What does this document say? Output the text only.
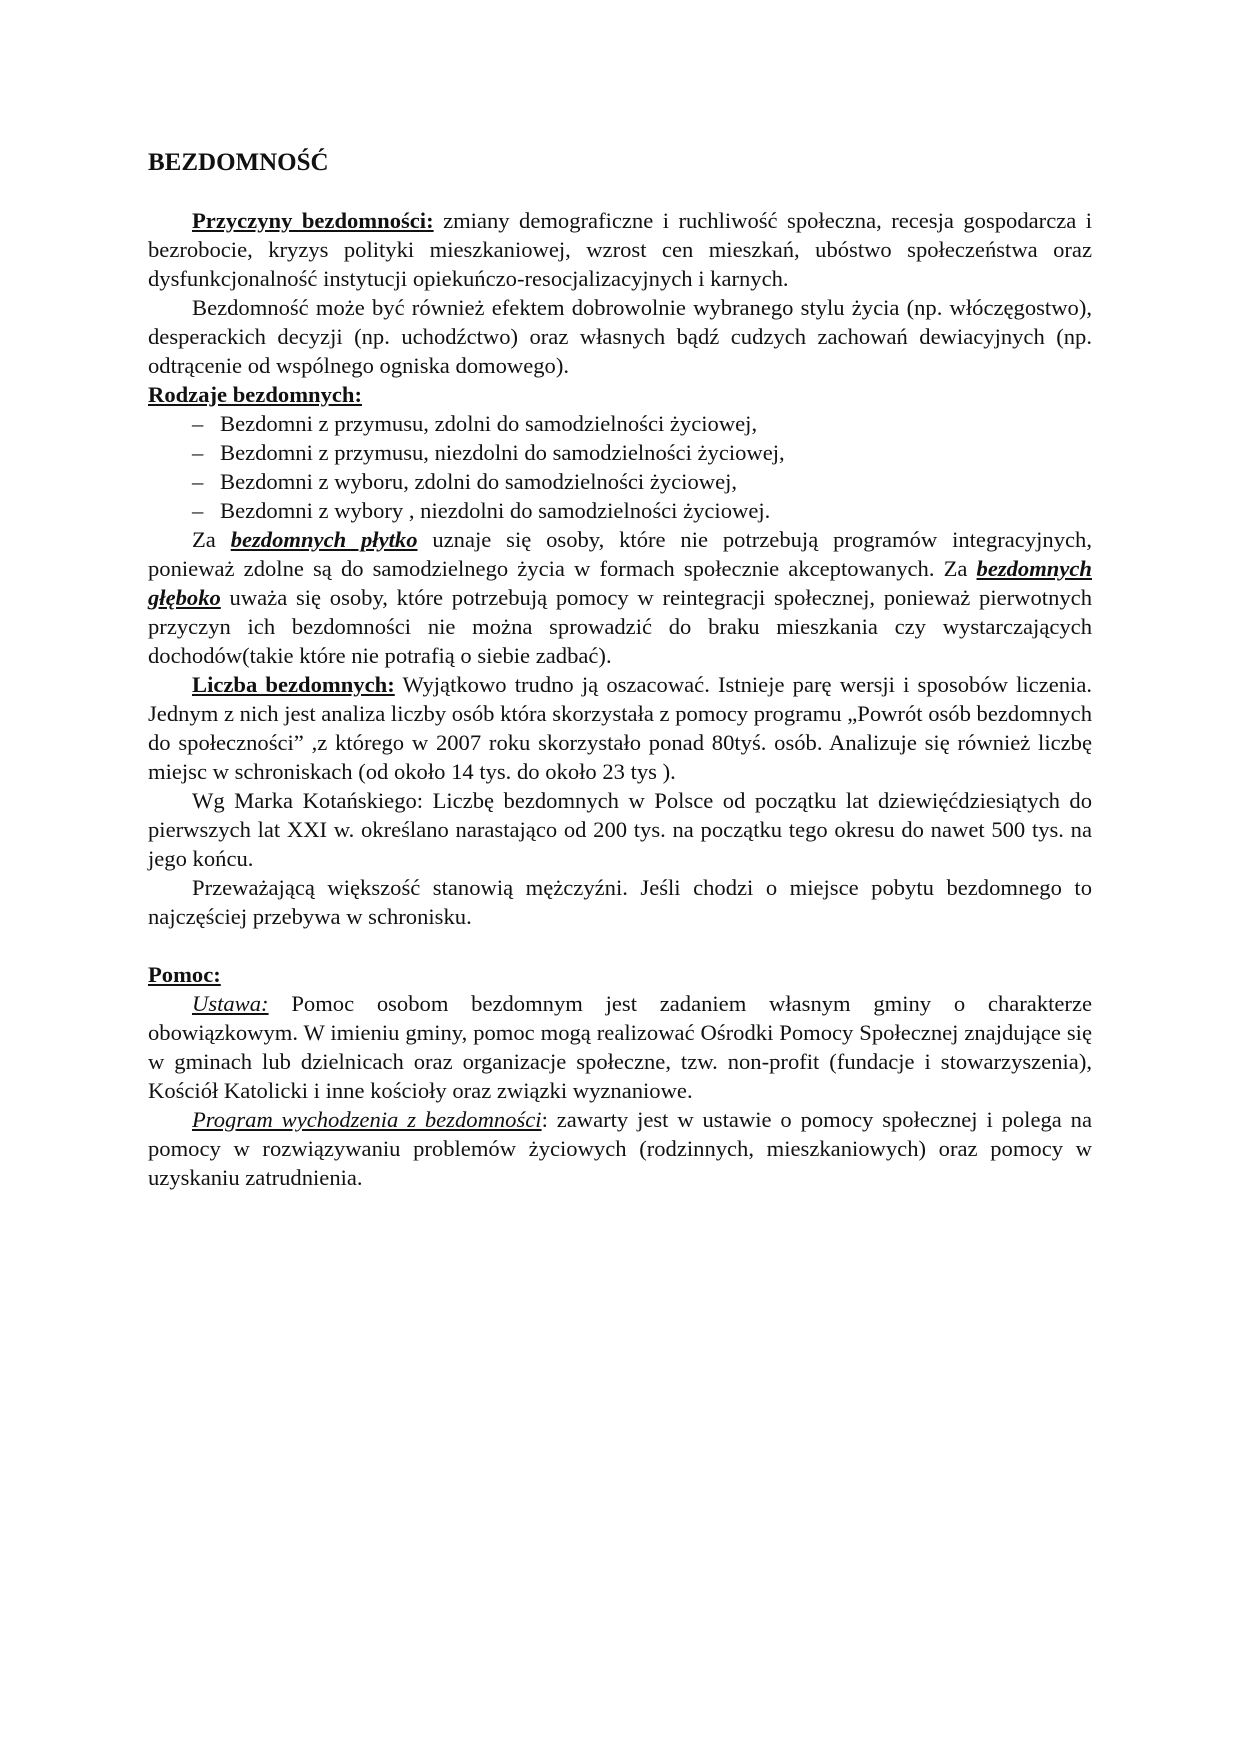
BEZDOMNOŚĆ

Przyczyny bezdomności: zmiany demograficzne i ruchliwość społeczna, recesja gospodarcza i bezrobocie, kryzys polityki mieszkaniowej, wzrost cen mieszkań, ubóstwo społeczeństwa oraz dysfunkcjonalność instytucji opiekuńczo-resocjalizacyjnych i karnych.

Bezdomność może być również efektem dobrowolnie wybranego stylu życia (np. włóczęgostwo), desperackich decyzji (np. uchodźctwo) oraz własnych bądź cudzych zachowań dewiacyjnych (np. odtrącenie od wspólnego ogniska domowego).

Rodzaje bezdomnych:
– Bezdomni z przymusu, zdolni do samodzielności życiowej,
– Bezdomni z przymusu, niezdolni do samodzielności życiowej,
– Bezdomni z wyboru, zdolni do samodzielności życiowej,
– Bezdomni z wybory , niezdolni do samodzielności życiowej.

Za bezdomnych płytko uznaje się osoby, które nie potrzebują programów integracyjnych, ponieważ zdolne są do samodzielnego życia w formach społecznie akceptowanych. Za bezdomnych głęboko uważa się osoby, które potrzebują pomocy w reintegracji społecznej, ponieważ pierwotnych przyczyn ich bezdomności nie można sprowadzić do braku mieszkania czy wystarczających dochodów(takie które nie potrafią o siebie zadbać).

Liczba bezdomnych: Wyjątkowo trudno ją oszacować. Istnieje parę wersji i sposobów liczenia. Jednym z nich jest analiza liczby osób która skorzystała z pomocy programu „Powrót osób bezdomnych do społeczności” ,z którego w 2007 roku skorzystało ponad 80tyś. osób. Analizuje się również liczbę miejsc w schroniskach (od około 14 tys. do około 23 tys ).

Wg Marka Kotańskiego: Liczbę bezdomnych w Polsce od początku lat dziewięćdziesiątych do pierwszych lat XXI w. określano narastająco od 200 tys. na początku tego okresu do nawet 500 tys. na jego końcu.

Przeważającą większość stanowią mężczyźni. Jeśli chodzi o miejsce pobytu bezdomnego to najczęściej przebywa w schronisku.

Pomoc:

Ustawa: Pomoc osobom bezdomnym jest zadaniem własnym gminy o charakterze obowiązkowym. W imieniu gminy, pomoc mogą realizować Ośrodki Pomocy Społecznej znajdujące się w gminach lub dzielnicach oraz organizacje społeczne, tzw. non-profit (fundacje i stowarzyszenia), Kościół Katolicki i inne kościoły oraz związki wyznaniowe.

Program wychodzenia z bezdomności: zawarty jest w ustawie o pomocy społecznej i polega na pomocy w rozwiązywaniu problemów życiowych (rodzinnych, mieszkaniowych) oraz pomocy w uzyskaniu zatrudnienia.
